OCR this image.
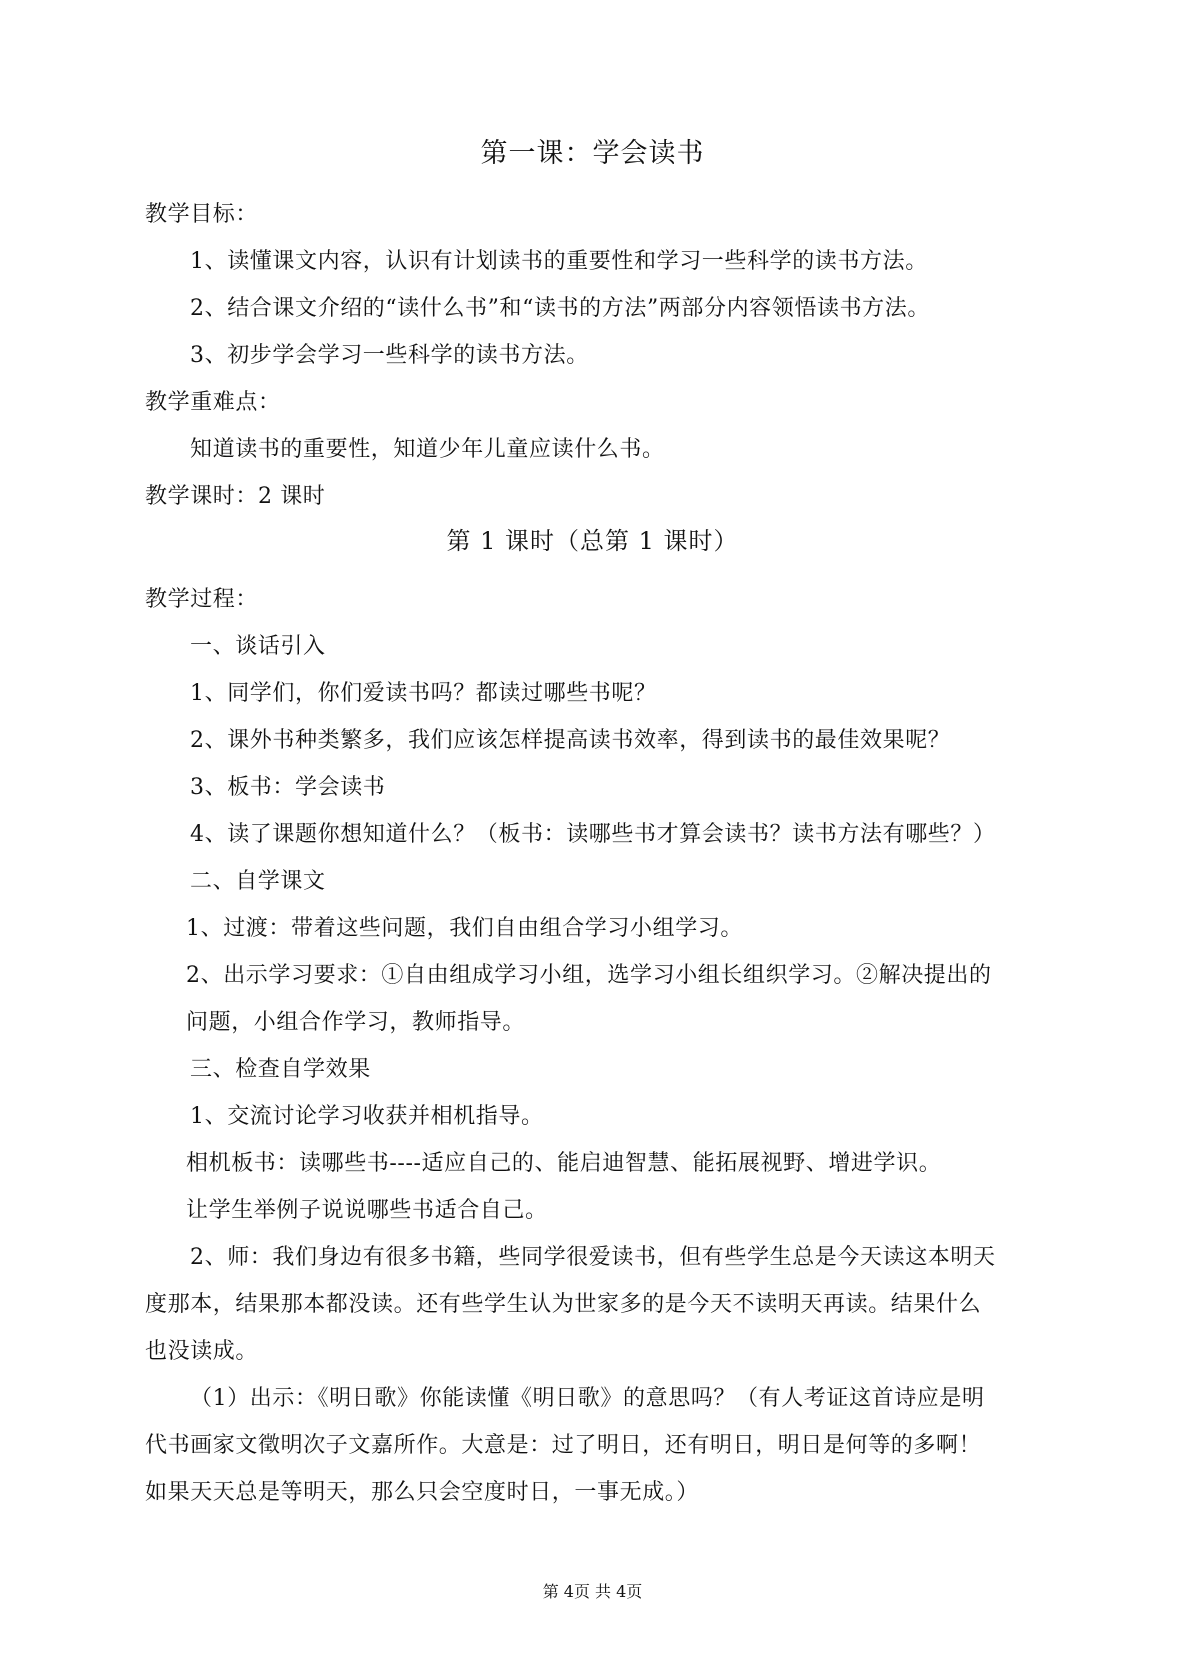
第一课：学会读书
教学目标：
1、读懂课文内容，认识有计划读书的重要性和学习一些科学的读书方法。
2、结合课文介绍的“读什么书”和“读书的方法”两部分内容领悟读书方法。
3、初步学会学习一些科学的读书方法。
教学重难点：
知道读书的重要性，知道少年儿童应读什么书。
教学课时：2 课时
第 1 课时（总第 1 课时）
教学过程：
一、谈话引入
1、同学们，你们爱读书吗？都读过哪些书呢？
2、课外书种类繁多，我们应该怎样提高读书效率，得到读书的最佳效果呢？
3、板书：学会读书
4、读了课题你想知道什么？（板书：读哪些书才算会读书？读书方法有哪些？）
二、自学课文
1、过渡：带着这些问题，我们自由组合学习小组学习。
2、出示学习要求：①自由组成学习小组，选学习小组长组织学习。②解决提出的
问题，小组合作学习，教师指导。
三、检查自学效果
1、交流讨论学习收获并相机指导。
相机板书：读哪些书----适应自己的、能启迪智慧、能拓展视野、增进学识。
让学生举例子说说哪些书适合自己。
2、师：我们身边有很多书籍，些同学很爱读书，但有些学生总是今天读这本明天
度那本，结果那本都没读。还有些学生认为世家多的是今天不读明天再读。结果什么
也没读成。
（1）出示：《明日歌》你能读懂《明日歌》的意思吗？（有人考证这首诗应是明
代书画家文徵明次子文嘉所作。大意是：过了明日，还有明日，明日是何等的多啊！
如果天天总是等明天，那么只会空度时日，一事无成。）
第 4页 共 4页
